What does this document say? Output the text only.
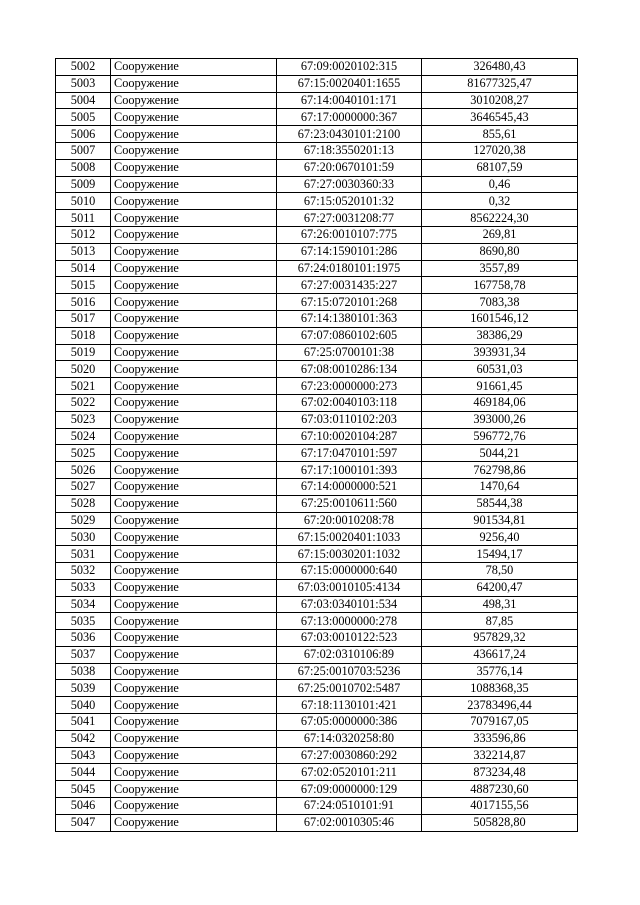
5002	Сооружение	67:09:0020102:315	326480,43
5003	Сооружение	67:15:0020401:1655	81677325,47
5004	Сооружение	67:14:0040101:171	3010208,27
5005	Сооружение	67:17:0000000:367	3646545,43
5006	Сооружение	67:23:0430101:2100	855,61
5007	Сооружение	67:18:3550201:13	127020,38
5008	Сооружение	67:20:0670101:59	68107,59
5009	Сооружение	67:27:0030360:33	0,46
5010	Сооружение	67:15:0520101:32	0,32
5011	Сооружение	67:27:0031208:77	8562224,30
5012	Сооружение	67:26:0010107:775	269,81
5013	Сооружение	67:14:1590101:286	8690,80
5014	Сооружение	67:24:0180101:1975	3557,89
5015	Сооружение	67:27:0031435:227	167758,78
5016	Сооружение	67:15:0720101:268	7083,38
5017	Сооружение	67:14:1380101:363	1601546,12
5018	Сооружение	67:07:0860102:605	38386,29
5019	Сооружение	67:25:0700101:38	393931,34
5020	Сооружение	67:08:0010286:134	60531,03
5021	Сооружение	67:23:0000000:273	91661,45
5022	Сооружение	67:02:0040103:118	469184,06
5023	Сооружение	67:03:0110102:203	393000,26
5024	Сооружение	67:10:0020104:287	596772,76
5025	Сооружение	67:17:0470101:597	5044,21
5026	Сооружение	67:17:1000101:393	762798,86
5027	Сооружение	67:14:0000000:521	1470,64
5028	Сооружение	67:25:0010611:560	58544,38
5029	Сооружение	67:20:0010208:78	901534,81
5030	Сооружение	67:15:0020401:1033	9256,40
5031	Сооружение	67:15:0030201:1032	15494,17
5032	Сооружение	67:15:0000000:640	78,50
5033	Сооружение	67:03:0010105:4134	64200,47
5034	Сооружение	67:03:0340101:534	498,31
5035	Сооружение	67:13:0000000:278	87,85
5036	Сооружение	67:03:0010122:523	957829,32
5037	Сооружение	67:02:0310106:89	436617,24
5038	Сооружение	67:25:0010703:5236	35776,14
5039	Сооружение	67:25:0010702:5487	1088368,35
5040	Сооружение	67:18:1130101:421	23783496,44
5041	Сооружение	67:05:0000000:386	7079167,05
5042	Сооружение	67:14:0320258:80	333596,86
5043	Сооружение	67:27:0030860:292	332214,87
5044	Сооружение	67:02:0520101:211	873234,48
5045	Сооружение	67:09:0000000:129	4887230,60
5046	Сооружение	67:24:0510101:91	4017155,56
5047	Сооружение	67:02:0010305:46	505828,80
